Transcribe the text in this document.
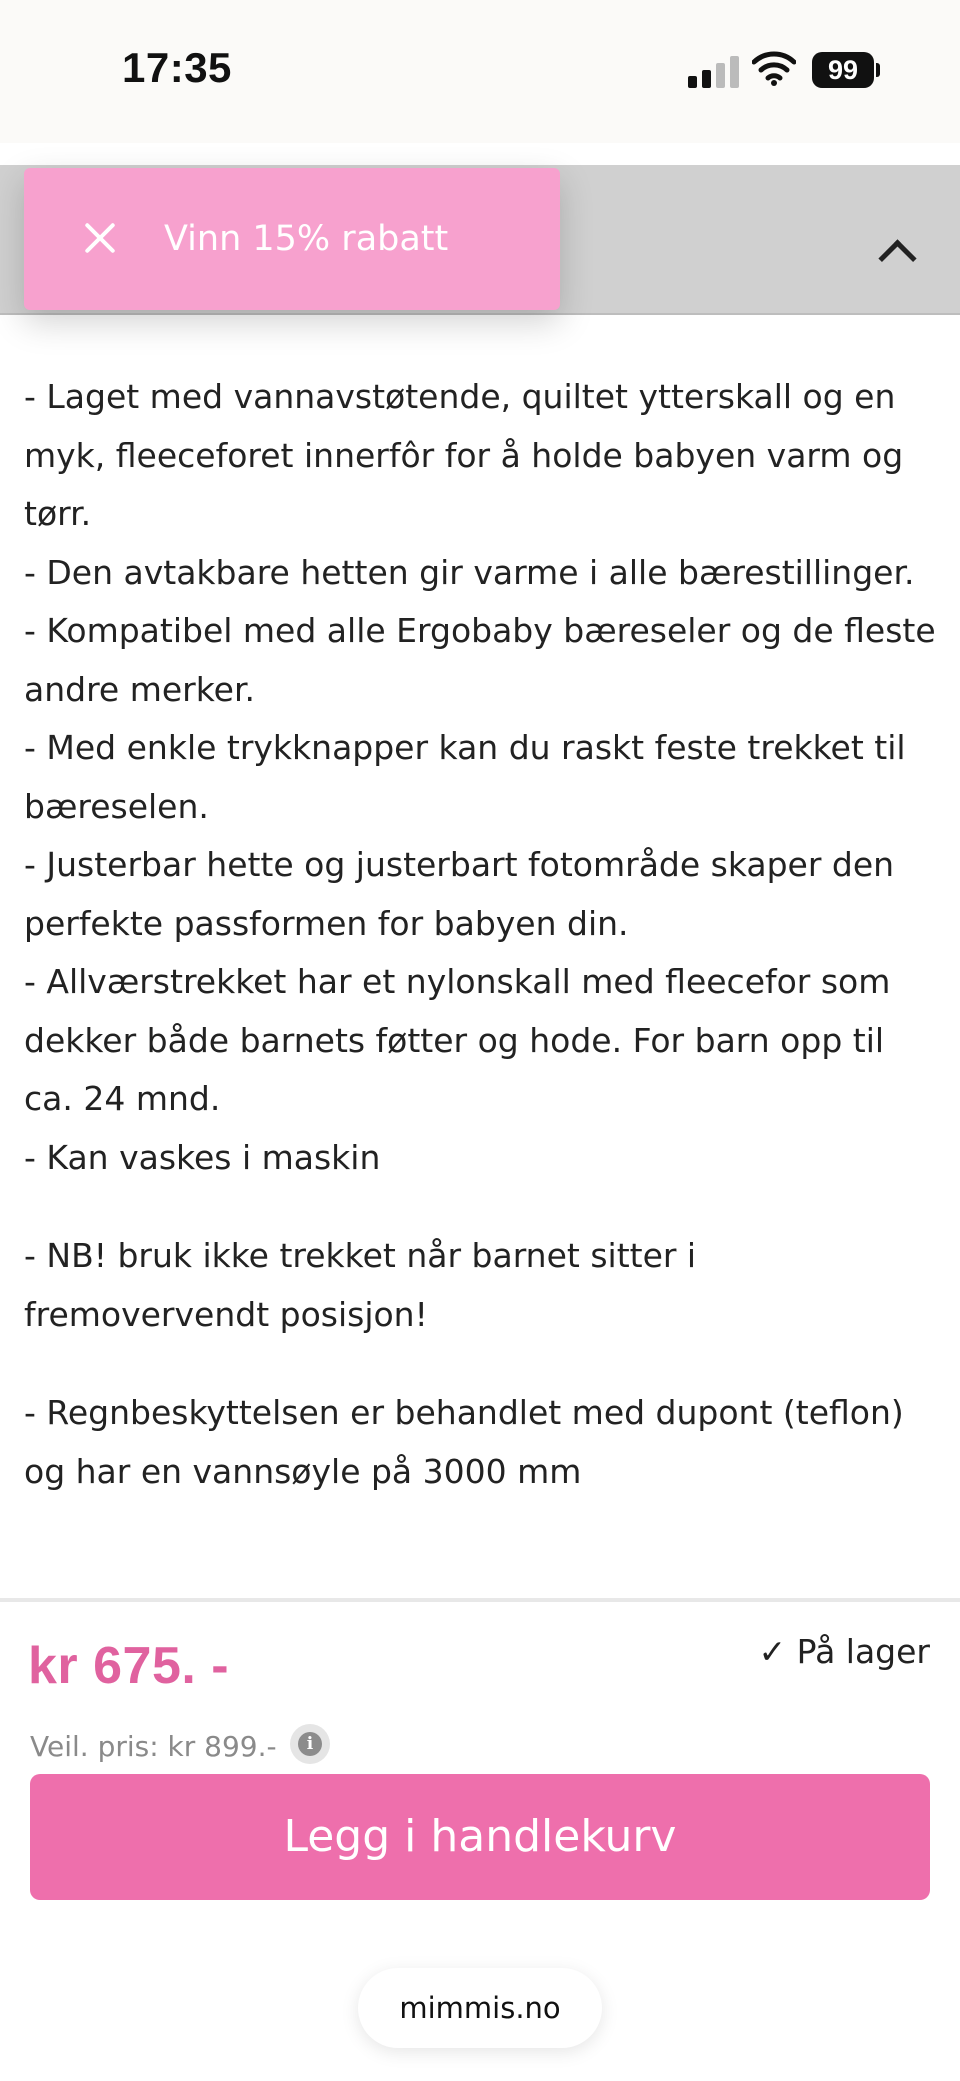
17:35	99
Vinn 15% rabatt

- Laget med vannavstøtende, quiltet ytterskall og en myk, fleeceforet innerfôr for å holde babyen varm og tørr.

- Den avtakbare hetten gir varme i alle bærestillinger.

- Kompatibel med alle Ergobaby bæreseler og de fleste andre merker.

- Med enkle trykknapper kan du raskt feste trekket til bæreselen.

- Justerbar hette og justerbart fotområde skaper den perfekte passformen for babyen din.

- Allværstrekket har et nylonskall med fleecefor som dekker både barnets føtter og hode. For barn opp til ca. 24 mnd.

- Kan vaskes i maskin

- NB! bruk ikke trekket når barnet sitter i fremovervendt posisjon!

- Regnbeskyttelsen er behandlet med dupont (teflon) og har en vannsøyle på 3000 mm

kr 675. -	✓ På lager
Veil. pris: kr 899.-	i
Legg i handlekurv
mimmis.no
